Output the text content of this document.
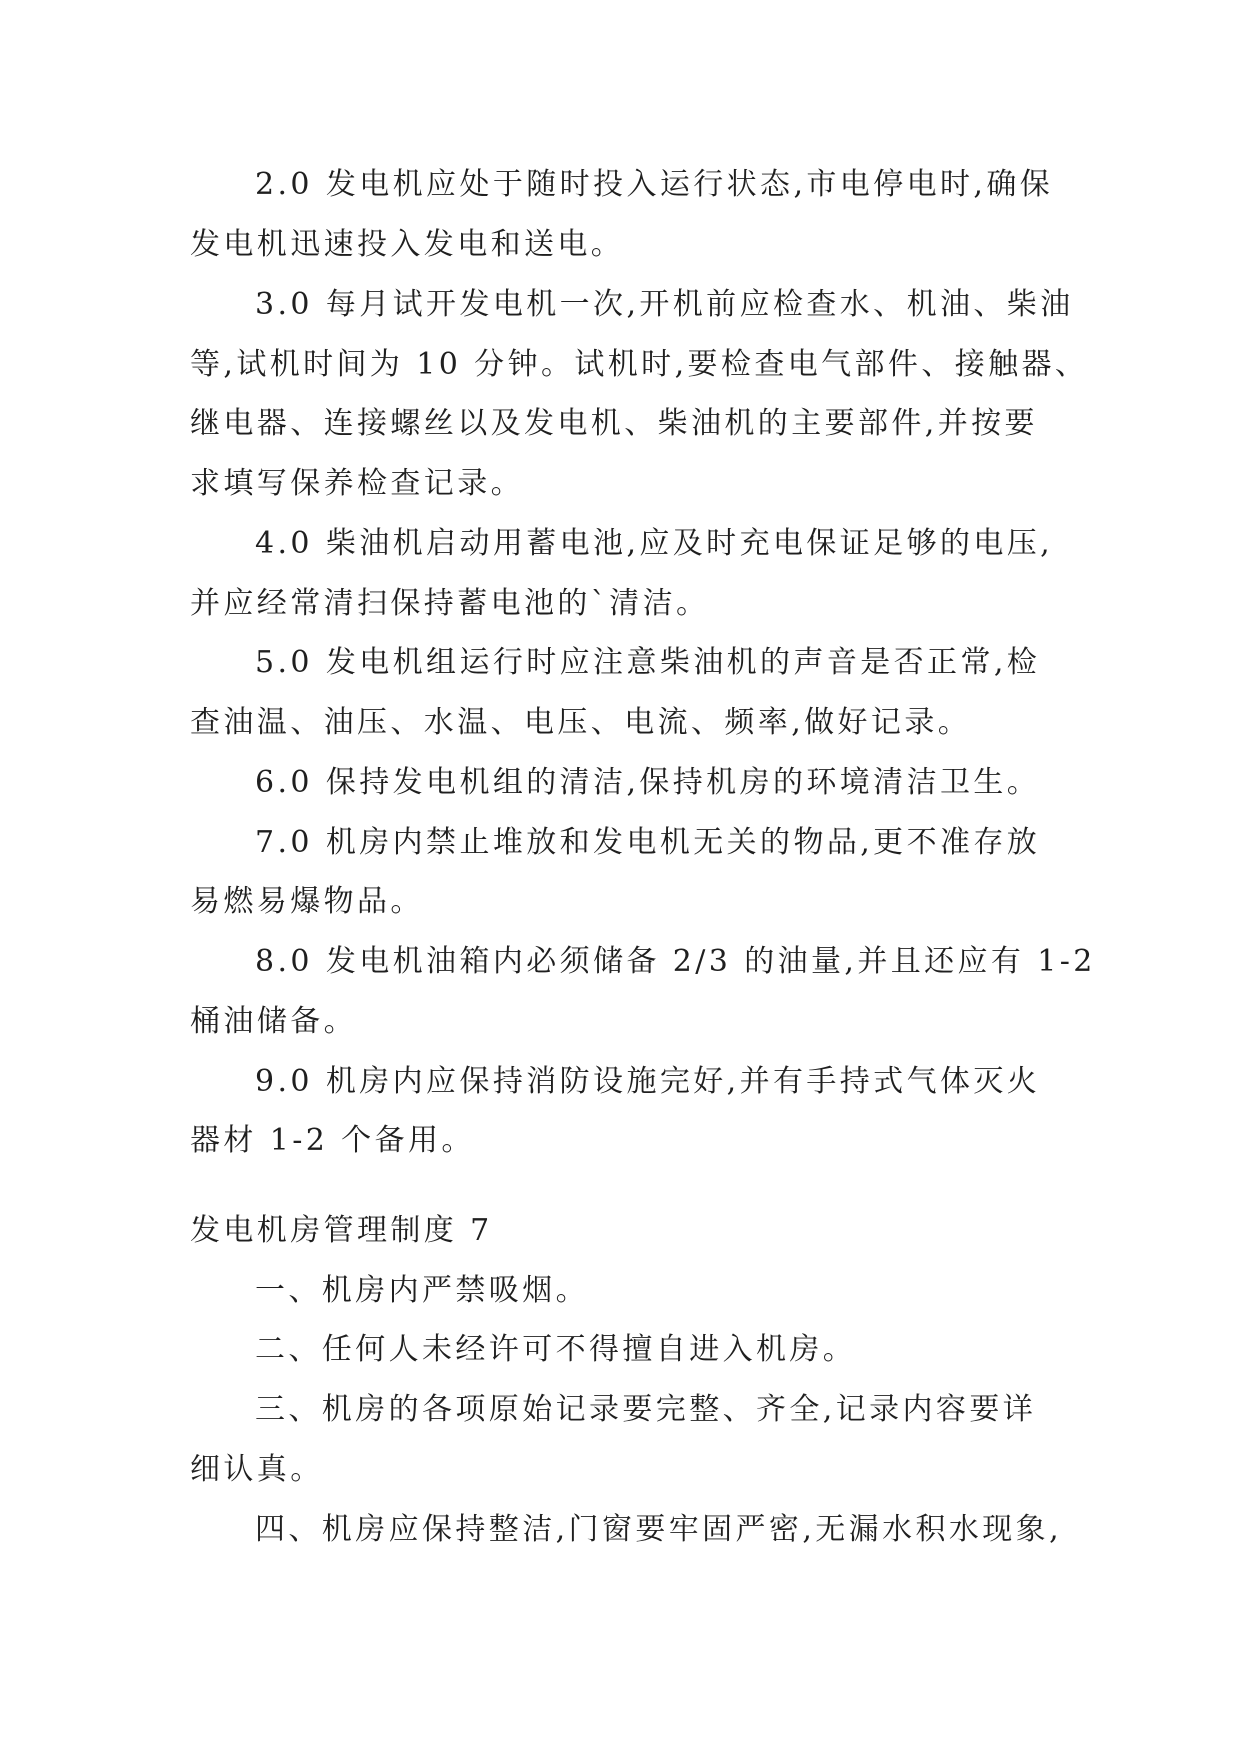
2.0 发电机应处于随时投入运行状态,市电停电时,确保
发电机迅速投入发电和送电。
3.0 每月试开发电机一次,开机前应检查水、机油、柴油
等,试机时间为 10 分钟。试机时,要检查电气部件、接触器、
继电器、连接螺丝以及发电机、柴油机的主要部件,并按要
求填写保养检查记录。
4.0 柴油机启动用蓄电池,应及时充电保证足够的电压,
并应经常清扫保持蓄电池的`清洁。
5.0 发电机组运行时应注意柴油机的声音是否正常,检
查油温、油压、水温、电压、电流、频率,做好记录。
6.0 保持发电机组的清洁,保持机房的环境清洁卫生。
7.0 机房内禁止堆放和发电机无关的物品,更不准存放
易燃易爆物品。
8.0 发电机油箱内必须储备 2/3 的油量,并且还应有 1-2
桶油储备。
9.0 机房内应保持消防设施完好,并有手持式气体灭火
器材 1-2 个备用。
发电机房管理制度 7
一、机房内严禁吸烟。
二、任何人未经许可不得擅自进入机房。
三、机房的各项原始记录要完整、齐全,记录内容要详
细认真。
四、机房应保持整洁,门窗要牢固严密,无漏水积水现象,
